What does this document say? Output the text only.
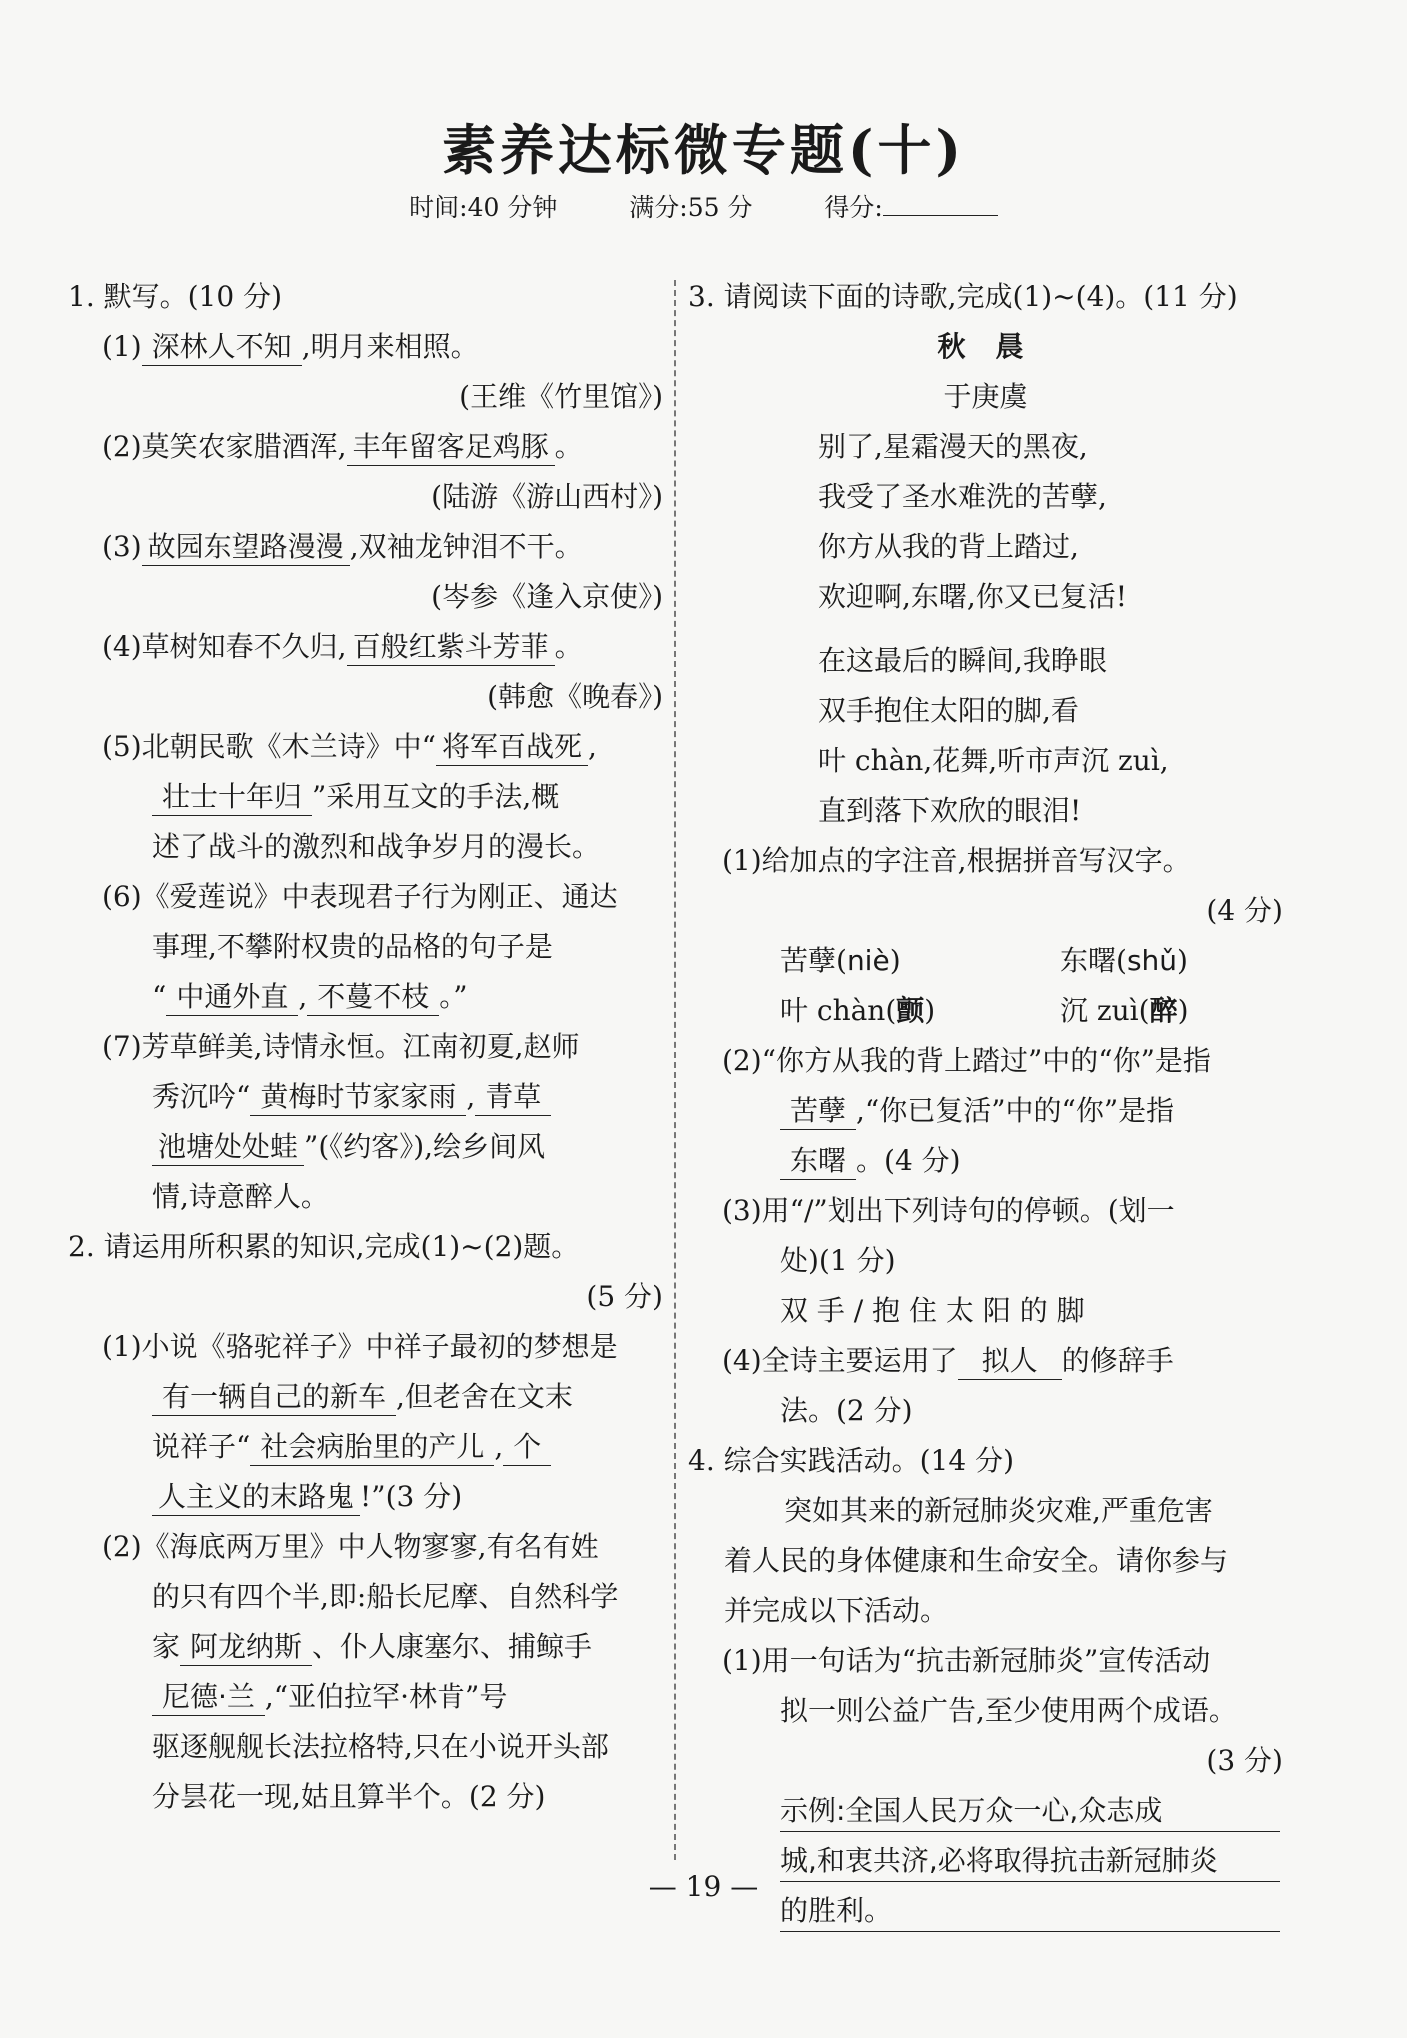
素养达标微专题(十)
时间:40 分钟	满分:55 分	得分:
1. 默写。(10 分)
(1) 深林人不知 ,明月来相照。
(王维《竹里馆》)
(2)莫笑农家腊酒浑, 丰年留客足鸡豚 。
(陆游《游山西村》)
(3) 故园东望路漫漫 ,双袖龙钟泪不干。
(岑参《逢入京使》)
(4)草树知春不久归, 百般红紫斗芳菲 。
(韩愈《晚春》)
(5)北朝民歌《木兰诗》中“ 将军百战死 ,
壮士十年归 ”采用互文的手法,概
述了战斗的激烈和战争岁月的漫长。
(6)《爱莲说》中表现君子行为刚正、通达
事理,不攀附权贵的品格的句子是
“ 中通外直 , 不蔓不枝 。”
(7)芳草鲜美,诗情永恒。江南初夏,赵师
秀沉吟“ 黄梅时节家家雨 , 青草
池塘处处蛙 ”(《约客》),绘乡间风
情,诗意醉人。
2. 请运用所积累的知识,完成(1)~(2)题。
(5 分)
(1)小说《骆驼祥子》中祥子最初的梦想是
有一辆自己的新车 ,但老舍在文末
说祥子“ 社会病胎里的产儿 , 个
人主义的末路鬼 !”(3 分)
(2)《海底两万里》中人物寥寥,有名有姓
的只有四个半,即:船长尼摩、自然科学
家 阿龙纳斯 、仆人康塞尔、捕鲸手
尼德·兰 ,“亚伯拉罕·林肯”号
驱逐舰舰长法拉格特,只在小说开头部
分昙花一现,姑且算半个。(2 分)
3. 请阅读下面的诗歌,完成(1)~(4)。(11 分)
秋晨
于庚虞
别了,星霜漫天的黑夜,
我受了圣水难洗的苦孽,
你方从我的背上踏过,
欢迎啊,东曙,你又已复活!
在这最后的瞬间,我睁眼
双手抱住太阳的脚,看
叶 chàn,花舞,听市声沉 zuì,
直到落下欢欣的眼泪!
(1)给加点的字注音,根据拼音写汉字。
(4 分)
苦孽(niè)	东曙(shǔ)
叶 chàn(颤)	沉 zuì(醉)
(2)“你方从我的背上踏过”中的“你”是指
苦孽 ,“你已复活”中的“你”是指
东曙 。(4 分)
(3)用“/”划出下列诗句的停顿。(划一
处)(1 分)
双 手 / 抱 住 太 阳 的 脚
(4)全诗主要运用了 拟人 的修辞手
法。(2 分)
4. 综合实践活动。(14 分)
突如其来的新冠肺炎灾难,严重危害
着人民的身体健康和生命安全。请你参与
并完成以下活动。
(1)用一句话为“抗击新冠肺炎”宣传活动
拟一则公益广告,至少使用两个成语。
(3 分)
示例:全国人民万众一心,众志成 城,和衷共济,必将取得抗击新冠肺炎 的胜利。
— 19 —
